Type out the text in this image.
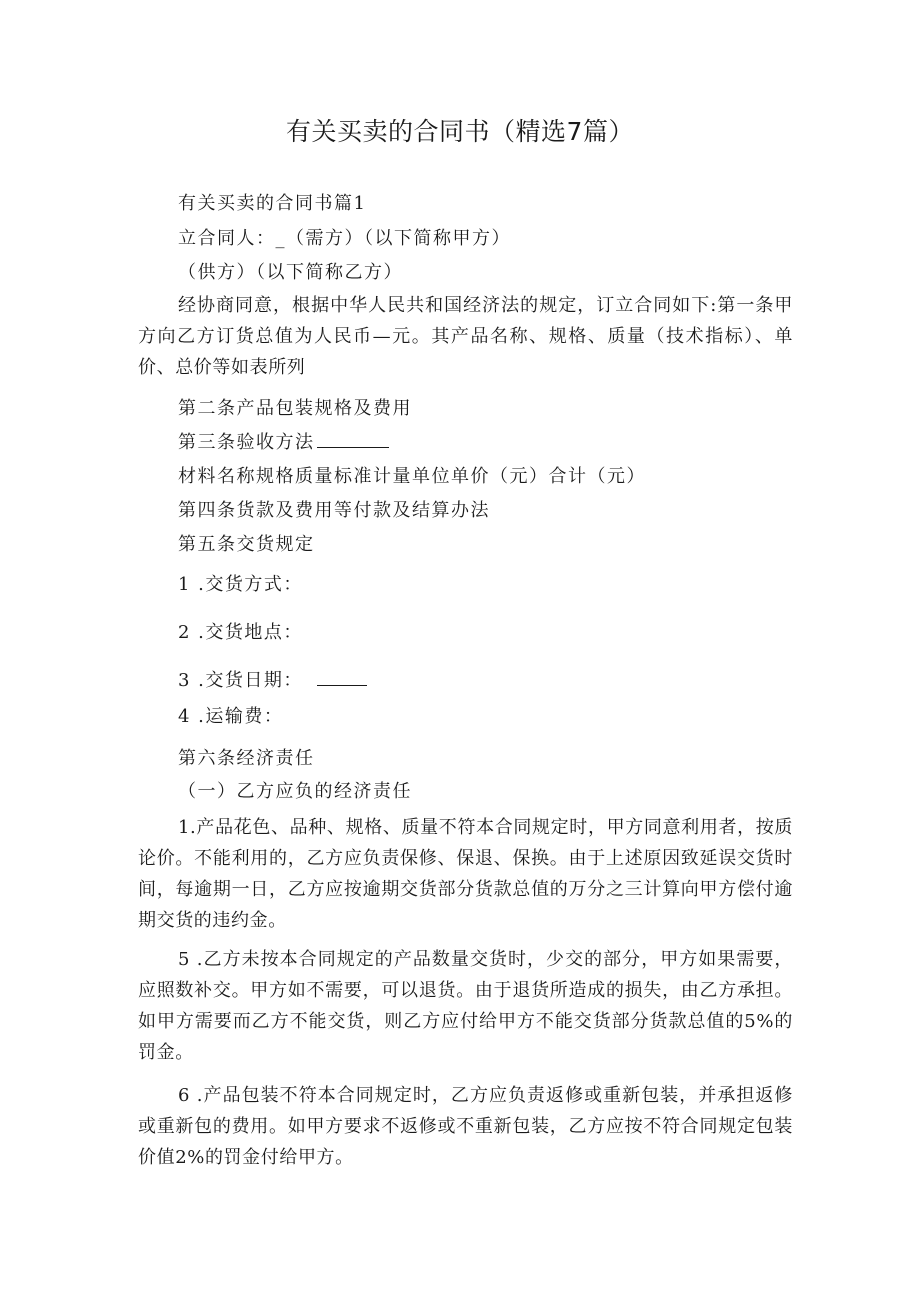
有关买卖的合同书（精选7篇）
有关买卖的合同书篇1
立合同人：_（需方）（以下简称甲方）
（供方）（以下简称乙方）
经协商同意，根据中华人民共和国经济法的规定，订立合同如下:第一条甲方向乙方订货总值为人民币—元。其产品名称、规格、质量（技术指标）、单价、总价等如表所列
第二条产品包装规格及费用
第三条验收方法
材料名称规格质量标准计量单位单价（元）合计（元）
第四条货款及费用等付款及结算办法
第五条交货规定
1 .交货方式：
2 .交货地点：
3 .交货日期：
4 .运输费：
第六条经济责任
（一）乙方应负的经济责任
1.产品花色、品种、规格、质量不符本合同规定时，甲方同意利用者，按质论价。不能利用的，乙方应负责保修、保退、保换。由于上述原因致延误交货时间，每逾期一日，乙方应按逾期交货部分货款总值的万分之三计算向甲方偿付逾期交货的违约金。
5 .乙方未按本合同规定的产品数量交货时，少交的部分，甲方如果需要，应照数补交。甲方如不需要，可以退货。由于退货所造成的损失，由乙方承担。如甲方需要而乙方不能交货，则乙方应付给甲方不能交货部分货款总值的5%的罚金。
6 .产品包装不符本合同规定时，乙方应负责返修或重新包装，并承担返修或重新包的费用。如甲方要求不返修或不重新包装，乙方应按不符合同规定包装价值2%的罚金付给甲方。
